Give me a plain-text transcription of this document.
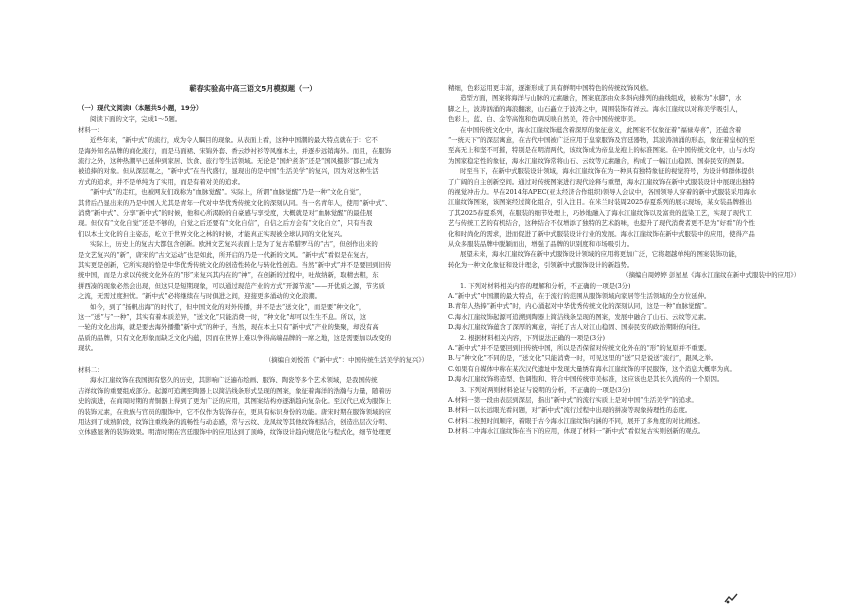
蕲春实验高中高三语文5月模拟题（一）
（一）现代文阅读Ⅰ（本题共5小题，19分）
阅读下面的文字，完成1～5题。
材料一：
近些年来，“新中式”的流行，成为令人瞩目的现象。从表面上看，这种中国潮的最大特点就在于：它不
是海外知名品牌的商化流行，而是马面裙、宋锦外套、香云纱衬衫等风靡本土，并逐步远销海外。而且，在服饰
流行之外，这种热潮早已延伸到家居、饮食、旅行等生活领域。无论是“国炉煮茶”还是“国风摄影”都已成为
被追捧的对象。但从深层观之，“新中式”在当代盛行，显现出的是中国“生活美学”的复兴，因为对这种生活
方式的追求，并不是单纯为了实用，而是有着对美的追求。
“新中式”的走红，也被网友们戏称为“血脉觉醒”。实际上，所谓“血脉觉醒”乃是一种“文化自觉”，
其背后凸显出来的乃是中国人尤其是青年一代对中华优秀传统文化的深刻认同。当一名青年人，使用“新中式”、
消费“新中式”、分享“新中式”的时候，他和心所渴盼的自豪感与享受度，大概就是对“血脉觉醒”的最佳展
现。但仅有“文化自觉”还是不够的，自觉之后还要有“文化自信”，自信之后方会有“文化自立”，只有当我
们以本土文化的自主姿态，屹立于世界文化之林的时候，才能真正实现被全球认同的文化复兴。
实际上，历史上的复古大都包含创新。欧洲文艺复兴表面上是为了复古希腊罗马的“古”，但创作出来的
是文艺复兴的“新”，唐宋的“古文运动”也是如此，所开启的乃是一代新的文风。“新中式”看似是在复古，
其实更是创新，它所实现的恰是中华优秀传统文化的创造性转化与转化性创造。当然“新中式”并不是要回到旧传
统中国，而是力求以传统文化外在的“形”来复兴其内在的“神”，在创新的过程中，吐故纳新，取精去粗，东
拼西凑的现象必然会出现，但这只是短期现象，可以通过现范产业的方式“开源节流”——开优质之源，节劣质
之流，无需过度担忧。“新中式”必将继续在与时俱进之间，迎接更多涌动的文化浪潮。
如今，到了“扬帆出海”的时代了，但中国文化的对外传播，并不是去“送文化”，而是要“种文化”，
这一“送”与“一种”，其实有着本质差异，“送文化”只能消费一时，“种文化”却可以生生不息。所以，这
一轮的文化出海，就是要去海外播撒“新中式”的种子，当然，现在本土只有“新中式”产业的集聚，却没有高
品质的品牌，只有文化形象而缺乏文化内蕴，因而在世界上难以争得高端品牌的一席之地，这是需要加以改变的
现状。
（摘编自刘悦笛《“新中式”：中国传统生活美学的复兴》）
材料二：
海水江崖纹饰在我国拥有悠久的历史，其影响广泛遍布绘画、服饰、陶瓷等多个艺术领域，是我国传统
吉祥纹饰的重要组成部分。起源可追溯至陶器上以简洁线条形式呈现的图案，象征着海洋的浩瀚与力量，随着历
史的演进，在商周时期的青铜器上得到了更为广泛的应用，其图案结构亦逐渐趋向复杂化。至汉代已成为服饰上
的装饰元素，在贵族与官员的服饰中，它不仅作为装饰存在，更具有标识身份的功能。唐宋时期在服饰领域的应
用达到了成熟阶段，纹饰注重线条的流畅性与动态感，常与云纹、龙凤纹等其他纹饰相结合，创造出层次分明、
立体感显著的装饰效果。明清时期在宫廷服饰中的应用达到了顶峰，纹饰设计趋向规范化与程式化，细节处理更
精细，色彩运用更丰富，逐渐形成了具有鲜明中国特色的传统纹饰风格。
造型方面，图案将海洋与山脉的元素融合，图案底部由众多斜向排列的曲线组成，被称为“水脚”，水
脚之上，波涛汹涌的海浪翻滚，山石矗立于波涛之中，周围装饰有祥云。海水江崖纹以对称美学吸引人，
色彩上，蓝、白、金等高饱和色调反映自然美，符合中国传统审美。
在中国传统文化中，海水江崖纹饰蕴含着深厚的象征意义，此图案不仅象征着“福禄寿喜”，还蕴含着
“一统天下”的深层寓意，在古代中国被广泛应用于皇家服饰及宫廷器物，其波涛汹涌的形态，象征着皇权的至
至高无上和坚不可摧，特别是在明清两代，该纹饰成为帝皇龙袍上的标准图案。在中国传统文化中，山与水均
为国家稳定性的象征，海水江崖纹饰常将山石、云纹等元素融合，构成了一幅江山稳固、国泰民安的图景。
时至当下，在新中式服装设计领域，海水江崖纹饰在为一种具有独特象征的视觉符号，为设计师群体提供
了广阔的自主创新空间。通过对传统图案进行现代诠释与重塑，海水江崖纹饰在新中式服装设计中展现出独特
的视觉冲击力。早在2014年APEC(亚太经济合作组织)领导人会议中，各国领导人穿着的新中式服装采用海水
江崖纹饰图案，该图案经过简化组合，引入注目。在米兰时装周2025春夏系列的展示现场，某女装品牌推出
了其2025春夏系列，在服装的细节处理上，巧妙地融入了海水江崖纹饰以及富贵的蓝染工艺，实现了现代工
艺与传统工艺的有机结合，这种结合不仅增添了独特的艺术韵味，也提升了现代消费者更不是为“好看”的个性
化和时尚化的需求，进而促进了新中式服装设计行业的发展。海水江崖纹饰在新中式服装中的应用，使得产品
从众多服装品牌中脱颖而出，增强了品牌的识别度和市场吸引力。
展望未来，海水江崖纹饰在新中式服饰设计领域的应用将更加广泛，它将超越单纯的图案装饰功能，
转化为一种文化象征和设计理念，引领新中式服饰设计的新趋势。
（摘编自周婷婷 彭星星《海水江崖纹在新中式服装中的应用》）
1. 下列对材料相关内容的理解和分析，不正确的一项是(3分)
A.“新中式”中国潮的最大特点，在于流行的范围从服饰领域向家居等生活领域的全方位延伸。
B.青年人热捧“新中式”时，内心涌起对中华优秀传统文化的深刻认同，这是一种“血脉觉醒”。
C.海水江崖纹饰起源可追溯到陶器上简洁线条呈现的图案，发展中融合了山石、云纹等元素。
D.海水江崖纹饰蕴含了深厚的寓意，寄托了古人对江山稳固、国泰民安的政治期盼的向往。
2. 根据材料相关内容，下列说法正确的一项是(3分)
A.“新中式”并不是要回到旧传统中国，所以是否保留对传统文化外在的“形”的复原并不重要。
B.与“种文化”不同的是，“送文化”只能消费一时，可见这里的“送”只是说送“流行”，跟风之举。
C.如果有自媒体中称在某次汉代遗址中发现大量绣有海水江崖纹饰的平民服饰，这个消息大概率为真。
D.海水江崖纹饰将造型、色调饱和、符合中国传统审美标准，这应该也是其长久流传的一个原因。
3. 下列对两则材料论证与说明的分析，不正确的一项是(3分)
A.材料一第一段由表层到深层，指出“新中式”的流行实质上是对中国“生活美学”的追求。
B.材料一以长远眼光看问题，对“新中式”流行过程中出现的拼凑等现象持理性的态度。
C.材料二按照时间顺序，着眼于古今海水江崖纹饰内涵的不同，展开了多角度的对比阐述。
D.材料二中海水江崖纹饰在当下的应用，体现了材料一“新中式”看似复古实则创新的观点。
